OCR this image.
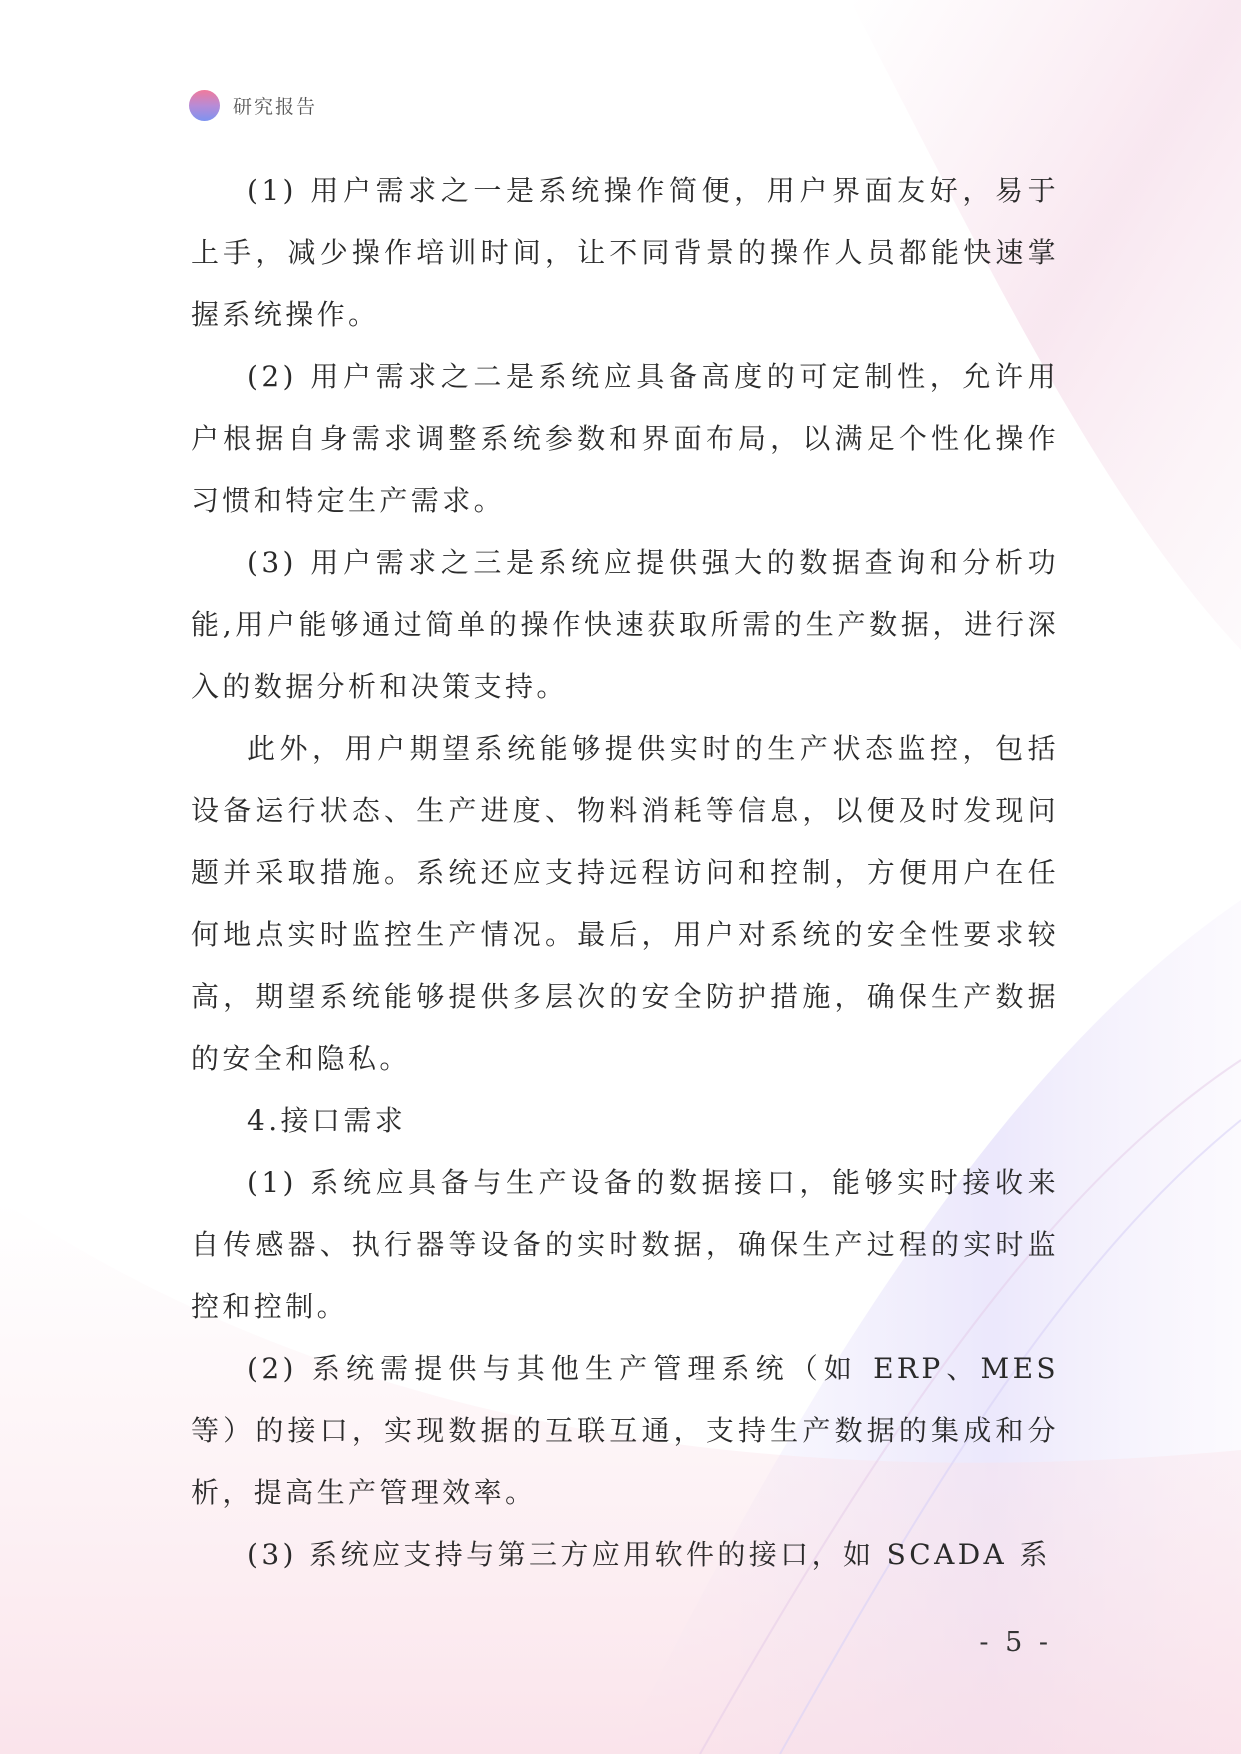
研究报告

(1) 用户需求之一是系统操作简便，用户界面友好，易于上手，减少操作培训时间，让不同背景的操作人员都能快速掌握系统操作。

(2) 用户需求之二是系统应具备高度的可定制性，允许用户根据自身需求调整系统参数和界面布局，以满足个性化操作习惯和特定生产需求。

(3) 用户需求之三是系统应提供强大的数据查询和分析功能,用户能够通过简单的操作快速获取所需的生产数据，进行深入的数据分析和决策支持。

此外，用户期望系统能够提供实时的生产状态监控，包括设备运行状态、生产进度、物料消耗等信息，以便及时发现问题并采取措施。系统还应支持远程访问和控制，方便用户在任何地点实时监控生产情况。最后，用户对系统的安全性要求较高，期望系统能够提供多层次的安全防护措施，确保生产数据的安全和隐私。

4.接口需求

(1) 系统应具备与生产设备的数据接口，能够实时接收来自传感器、执行器等设备的实时数据，确保生产过程的实时监控和控制。

(2) 系统需提供与其他生产管理系统（如 ERP、MES 等）的接口，实现数据的互联互通，支持生产数据的集成和分析，提高生产管理效率。

(3) 系统应支持与第三方应用软件的接口，如 SCADA 系

- 5 -
